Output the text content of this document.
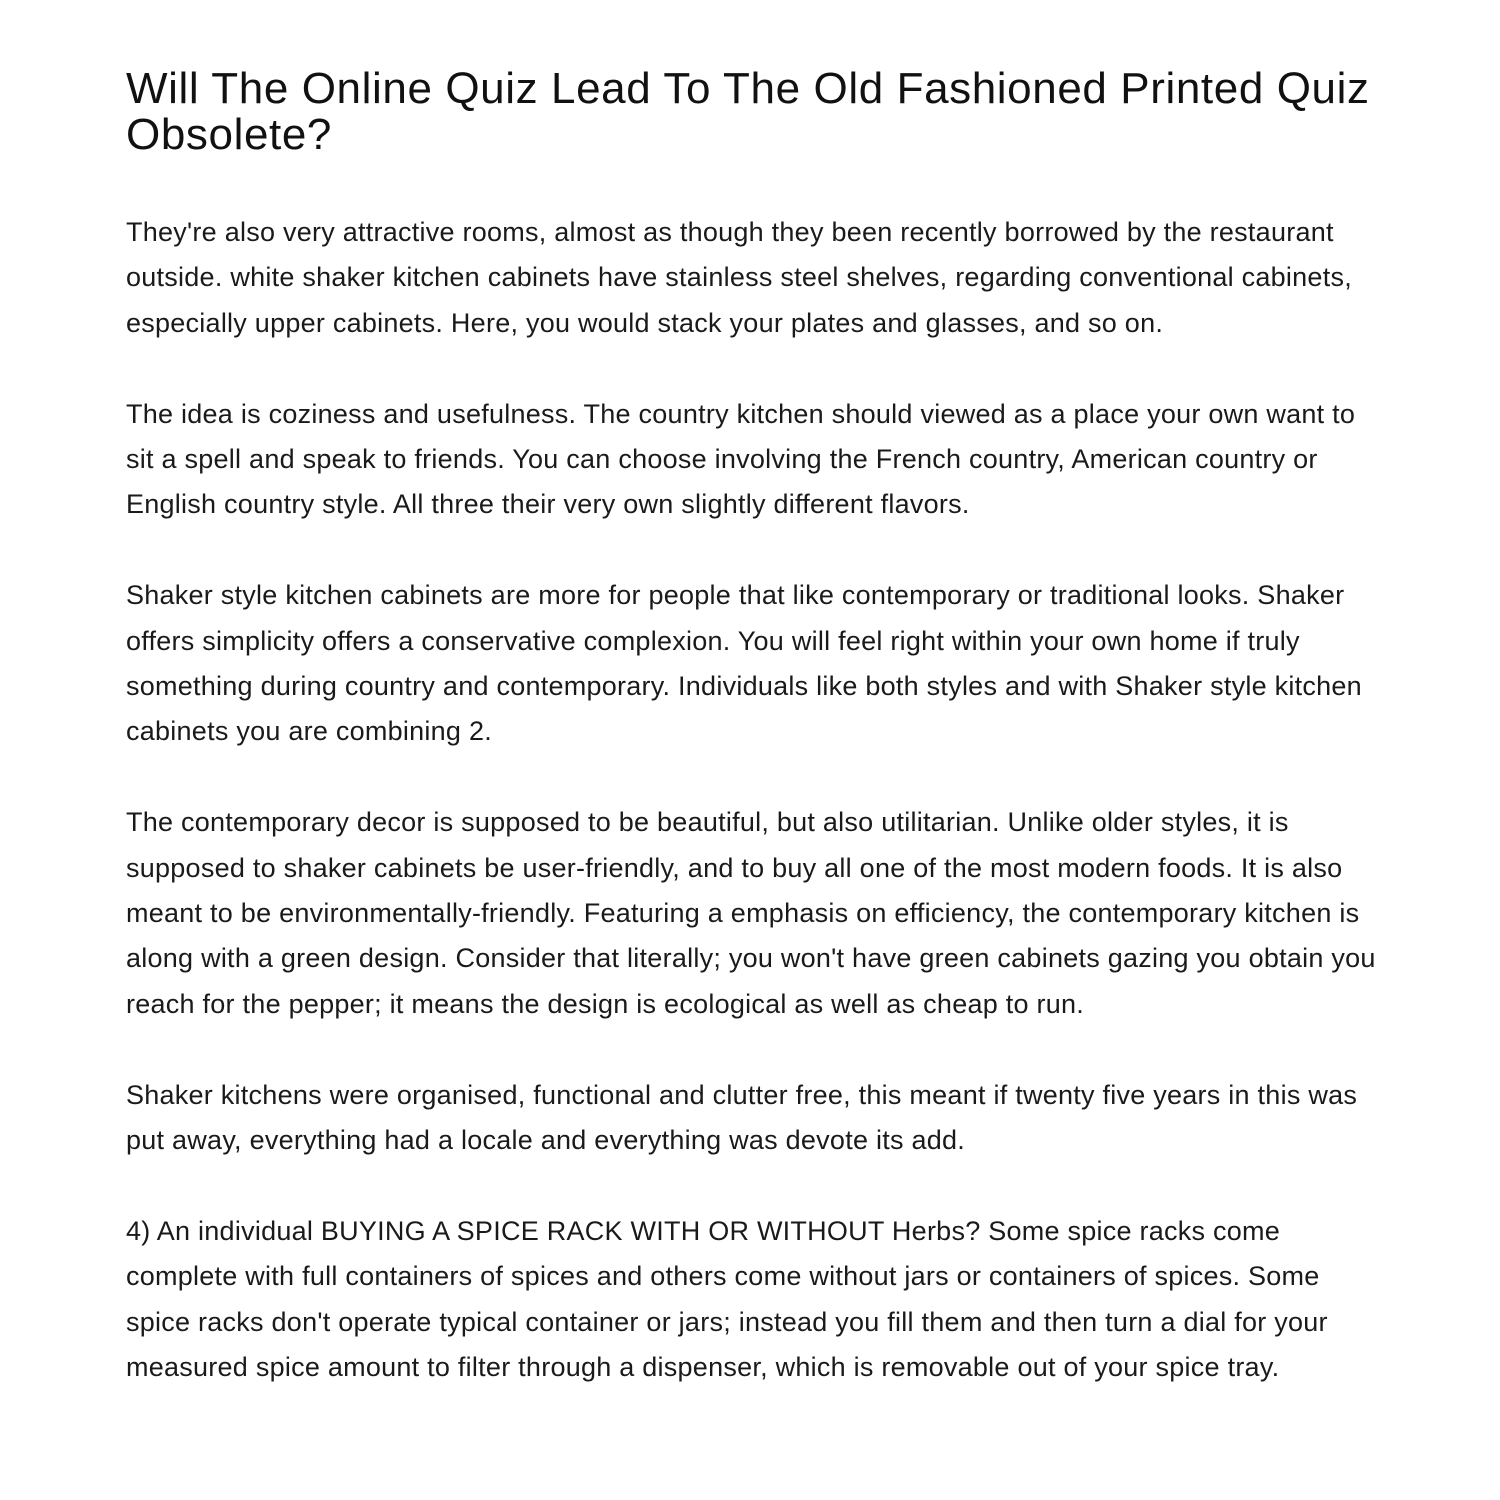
Will The Online Quiz Lead To The Old Fashioned Printed Quiz Obsolete?

They're also very attractive rooms, almost as though they been recently borrowed by the restaurant outside. white shaker kitchen cabinets have stainless steel shelves, regarding conventional cabinets, especially upper cabinets. Here, you would stack your plates and glasses, and so on.

The idea is coziness and usefulness. The country kitchen should viewed as a place your own want to sit a spell and speak to friends. You can choose involving the French country, American country or English country style. All three their very own slightly different flavors.

Shaker style kitchen cabinets are more for people that like contemporary or traditional looks. Shaker offers simplicity offers a conservative complexion. You will feel right within your own home if truly something during country and contemporary. Individuals like both styles and with Shaker style kitchen cabinets you are combining 2.

The contemporary decor is supposed to be beautiful, but also utilitarian. Unlike older styles, it is supposed to shaker cabinets be user-friendly, and to buy all one of the most modern foods. It is also meant to be environmentally-friendly. Featuring a emphasis on efficiency, the contemporary kitchen is along with a green design. Consider that literally; you won't have green cabinets gazing you obtain you reach for the pepper; it means the design is ecological as well as cheap to run.

Shaker kitchens were organised, functional and clutter free, this meant if twenty five years in this was put away, everything had a locale and everything was devote its add.

4) An individual BUYING A SPICE RACK WITH OR WITHOUT Herbs? Some spice racks come complete with full containers of spices and others come without jars or containers of spices. Some spice racks don't operate typical container or jars; instead you fill them and then turn a dial for your measured spice amount to filter through a dispenser, which is removable out of your spice tray.
